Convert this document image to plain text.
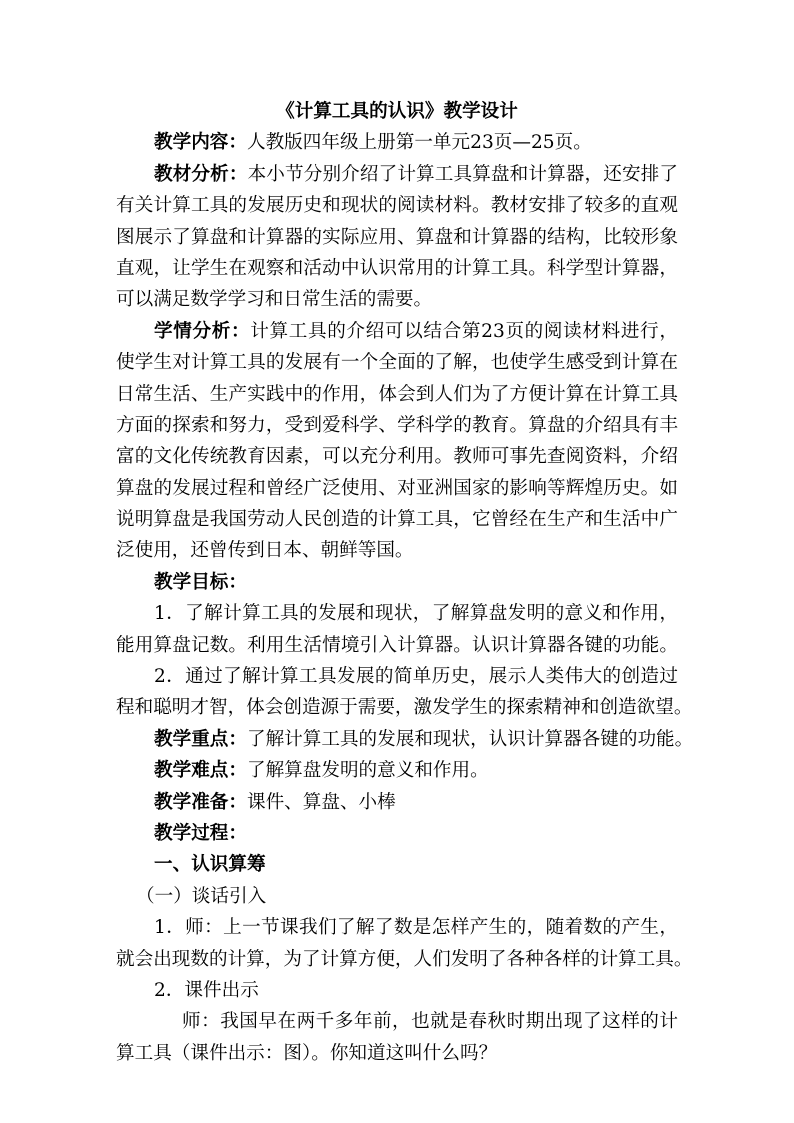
《计算工具的认识》教学设计
教学内容：人教版四年级上册第一单元23页—25页。
教材分析：本小节分别介绍了计算工具算盘和计算器，还安排了
有关计算工具的发展历史和现状的阅读材料。教材安排了较多的直观
图展示了算盘和计算器的实际应用、算盘和计算器的结构，比较形象
直观，让学生在观察和活动中认识常用的计算工具。科学型计算器，
可以满足数学学习和日常生活的需要。
学情分析：计算工具的介绍可以结合第23页的阅读材料进行，
使学生对计算工具的发展有一个全面的了解，也使学生感受到计算在
日常生活、生产实践中的作用，体会到人们为了方便计算在计算工具
方面的探索和努力，受到爱科学、学科学的教育。算盘的介绍具有丰
富的文化传统教育因素，可以充分利用。教师可事先查阅资料，介绍
算盘的发展过程和曾经广泛使用、对亚洲国家的影响等辉煌历史。如
说明算盘是我国劳动人民创造的计算工具，它曾经在生产和生活中广
泛使用，还曾传到日本、朝鲜等国。
教学目标：
1．了解计算工具的发展和现状，了解算盘发明的意义和作用，
能用算盘记数。利用生活情境引入计算器。认识计算器各键的功能。
2．通过了解计算工具发展的简单历史，展示人类伟大的创造过
程和聪明才智，体会创造源于需要，激发学生的探索精神和创造欲望。
教学重点：了解计算工具的发展和现状，认识计算器各键的功能。
教学难点：了解算盘发明的意义和作用。
教学准备：课件、算盘、小棒
教学过程：
一、认识算筹
（一）谈话引入
1．师：上一节课我们了解了数是怎样产生的，随着数的产生，
就会出现数的计算，为了计算方便，人们发明了各种各样的计算工具。
2．课件出示
师：我国早在两千多年前，也就是春秋时期出现了这样的计
算工具（课件出示：图）。你知道这叫什么吗？
